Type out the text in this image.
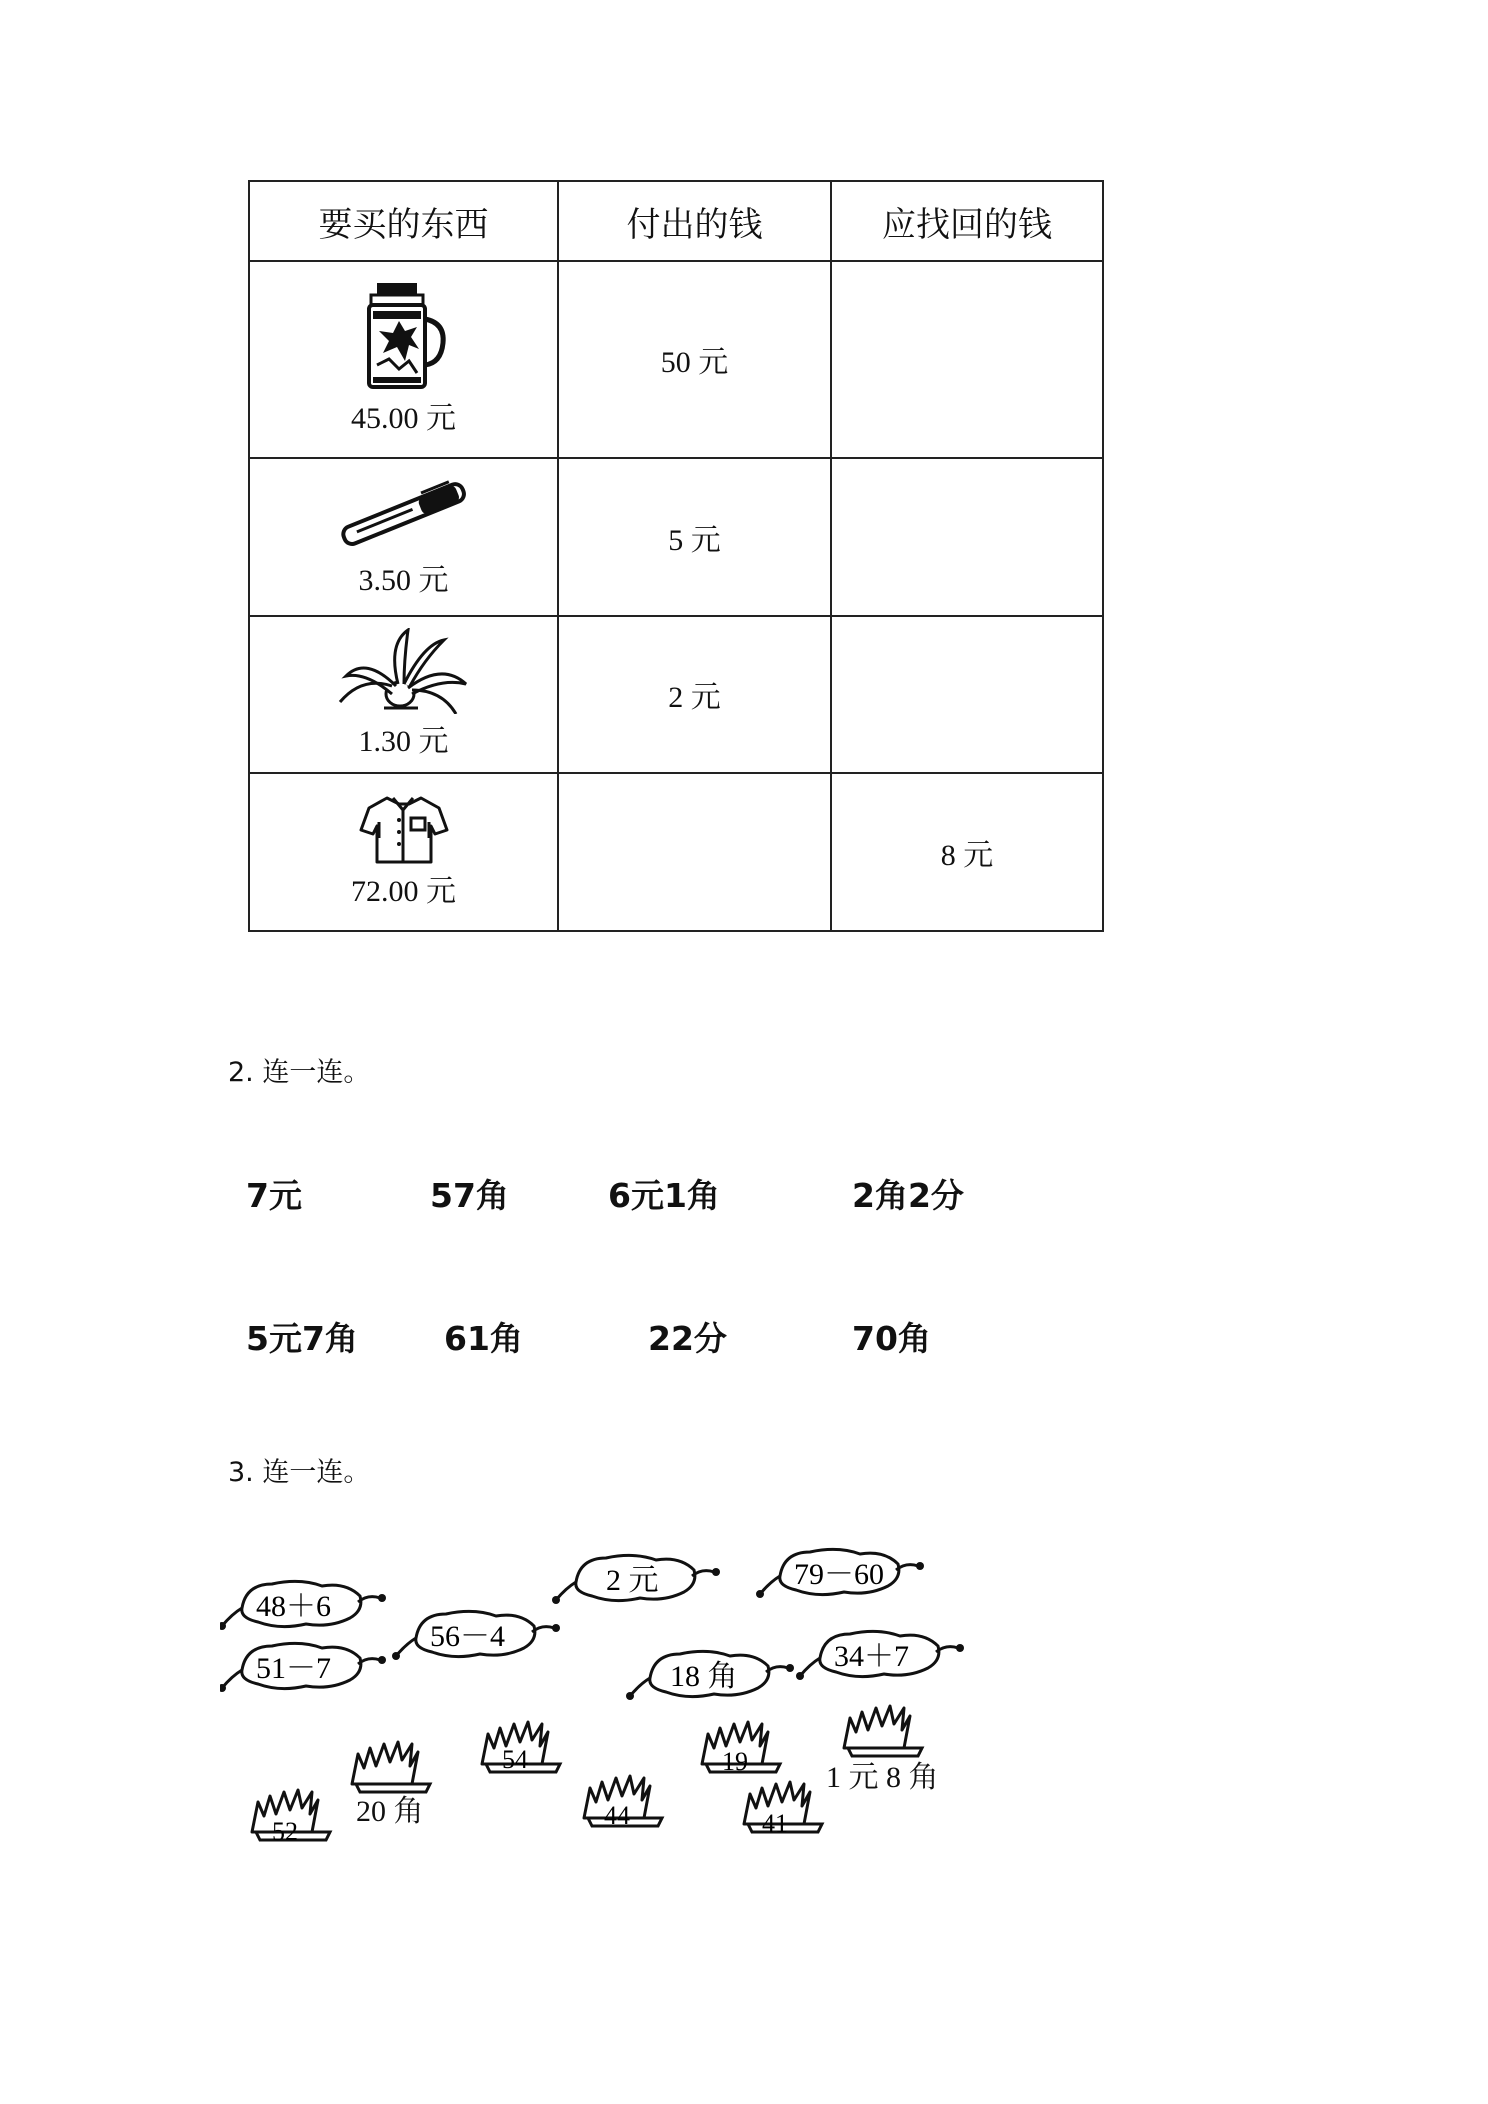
要买的东西	付出的钱	应找回的钱

45.00 元	50 元	

3.50 元	5 元	

1.30 元	2 元	

72.00 元		8 元
2. 连一连。
7元	57角	6元1角	2角2分
5元7角	61角	22分	70角
3. 连一连。
48＋6
56－4
2 元	79－60
51－7	18 角
34＋7
54	19
52
44	41
20 角
1 元 8 角
